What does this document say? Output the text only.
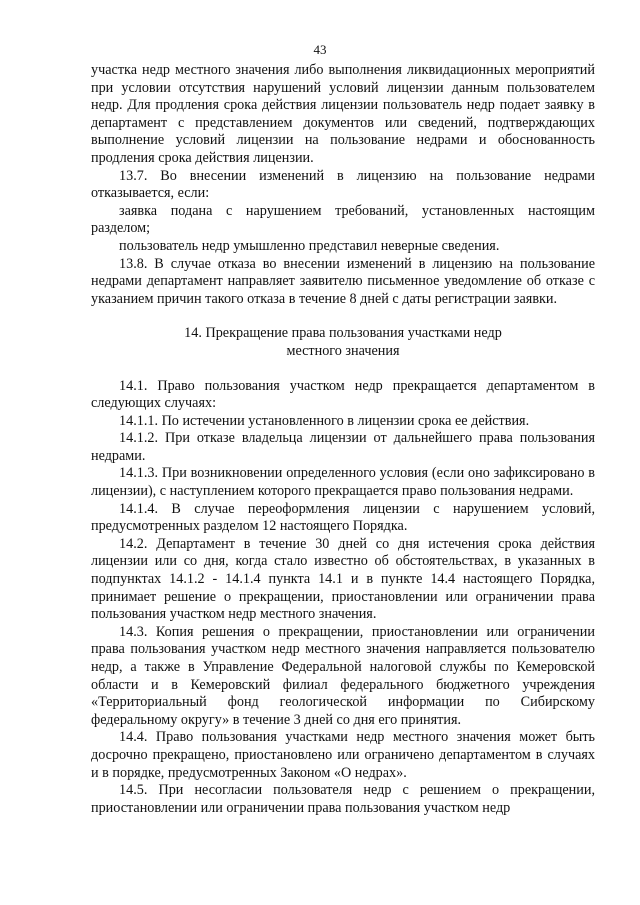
43

участка недр местного значения либо выполнения ликвидационных мероприятий при условии отсутствия нарушений условий лицензии данным пользователем недр. Для продления срока действия лицензии пользователь недр подает заявку в департамент с представлением документов или сведений, подтверждающих выполнение условий лицензии на пользование недрами и обоснованность продления срока действия лицензии.

13.7. Во внесении изменений в лицензию на пользование недрами отказывается, если:

заявка подана с нарушением требований, установленных настоящим разделом;

пользователь недр умышленно представил неверные сведения.

13.8. В случае отказа во внесении изменений в лицензию на пользование недрами департамент направляет заявителю письменное уведомление об отказе с указанием причин такого отказа в течение 8 дней с даты регистрации заявки.

14. Прекращение права пользования участками недр местного значения

14.1. Право пользования участком недр прекращается департаментом в следующих случаях:

14.1.1. По истечении установленного в лицензии срока ее действия.

14.1.2. При отказе владельца лицензии от дальнейшего права пользования недрами.

14.1.3. При возникновении определенного условия (если оно зафиксировано в лицензии), с наступлением которого прекращается право пользования недрами.

14.1.4. В случае переоформления лицензии с нарушением условий, предусмотренных разделом 12 настоящего Порядка.

14.2. Департамент в течение 30 дней со дня истечения срока действия лицензии или со дня, когда стало известно об обстоятельствах, в указанных в подпунктах 14.1.2 - 14.1.4 пункта 14.1 и в пункте 14.4 настоящего Порядка, принимает решение о прекращении, приостановлении или ограничении права пользования участком недр местного значения.

14.3. Копия решения о прекращении, приостановлении или ограничении права пользования участком недр местного значения направляется пользователю недр, а также в Управление Федеральной налоговой службы по Кемеровской области и в Кемеровский филиал федерального бюджетного учреждения «Территориальный фонд геологической информации по Сибирскому федеральному округу» в течение 3 дней со дня его принятия.

14.4. Право пользования участками недр местного значения может быть досрочно прекращено, приостановлено или ограничено департаментом в случаях и в порядке, предусмотренных Законом «О недрах».

14.5. При несогласии пользователя недр с решением о прекращении, приостановлении или ограничении права пользования участком недр
